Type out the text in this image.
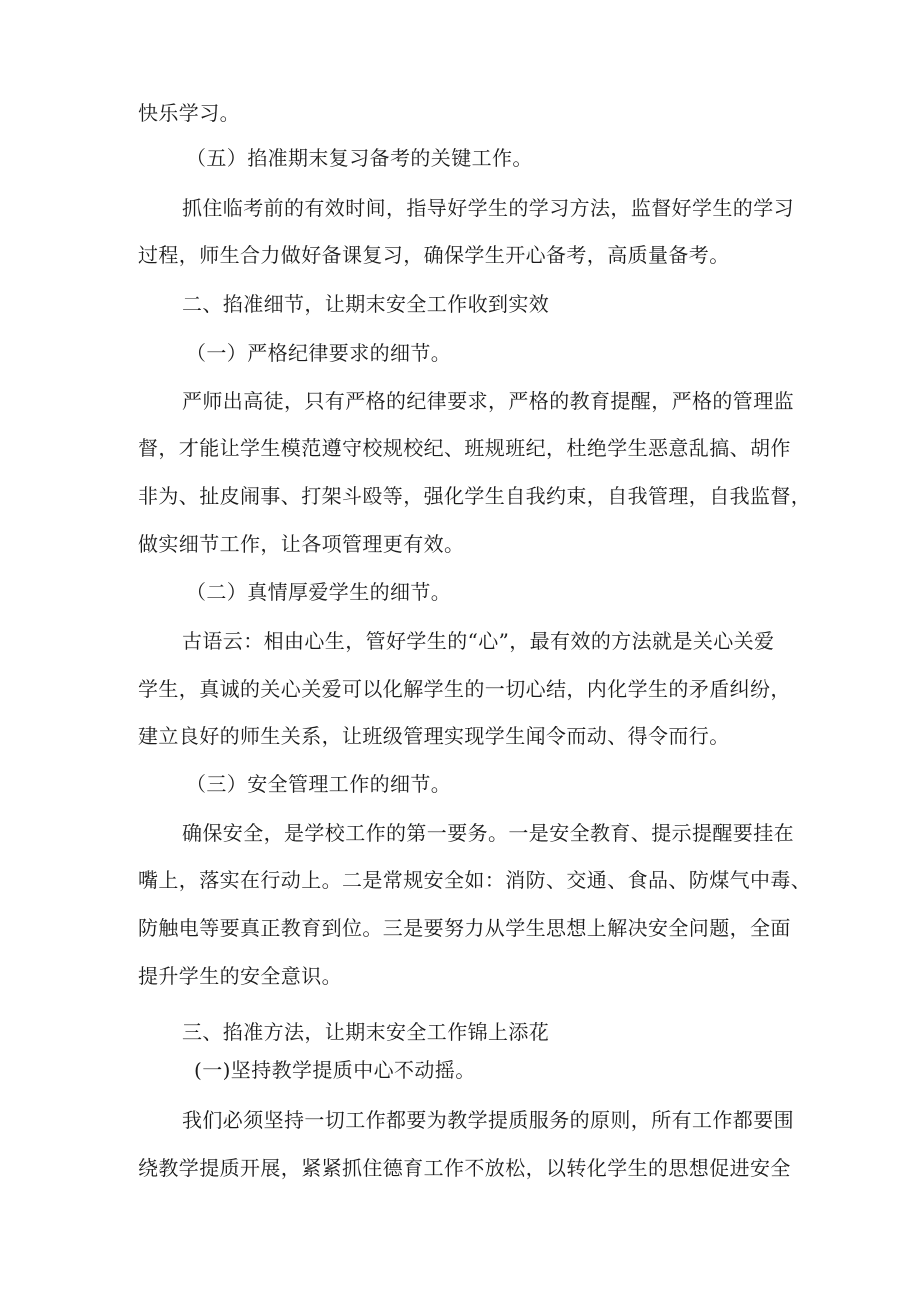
快乐学习。
（五）掐准期末复习备考的关键工作。
抓住临考前的有效时间，指导好学生的学习方法，监督好学生的学习
过程，师生合力做好备课复习，确保学生开心备考，高质量备考。
二、掐准细节，让期末安全工作收到实效
（一）严格纪律要求的细节。
严师出高徒，只有严格的纪律要求，严格的教育提醒，严格的管理监
督，才能让学生模范遵守校规校纪、班规班纪，杜绝学生恶意乱搞、胡作
非为、扯皮闹事、打架斗殴等，强化学生自我约束，自我管理，自我监督，
做实细节工作，让各项管理更有效。
（二）真情厚爱学生的细节。
古语云：相由心生，管好学生的“心”，最有效的方法就是关心关爱
学生，真诚的关心关爱可以化解学生的一切心结，内化学生的矛盾纠纷，
建立良好的师生关系，让班级管理实现学生闻令而动、得令而行。
（三）安全管理工作的细节。
确保安全，是学校工作的第一要务。一是安全教育、提示提醒要挂在
嘴上，落实在行动上。二是常规安全如：消防、交通、食品、防煤气中毒、
防触电等要真正教育到位。三是要努力从学生思想上解决安全问题，全面
提升学生的安全意识。
三、掐准方法，让期末安全工作锦上添花
(一)坚持教学提质中心不动摇。
我们必须坚持一切工作都要为教学提质服务的原则，所有工作都要围
绕教学提质开展，紧紧抓住德育工作不放松，以转化学生的思想促进安全
